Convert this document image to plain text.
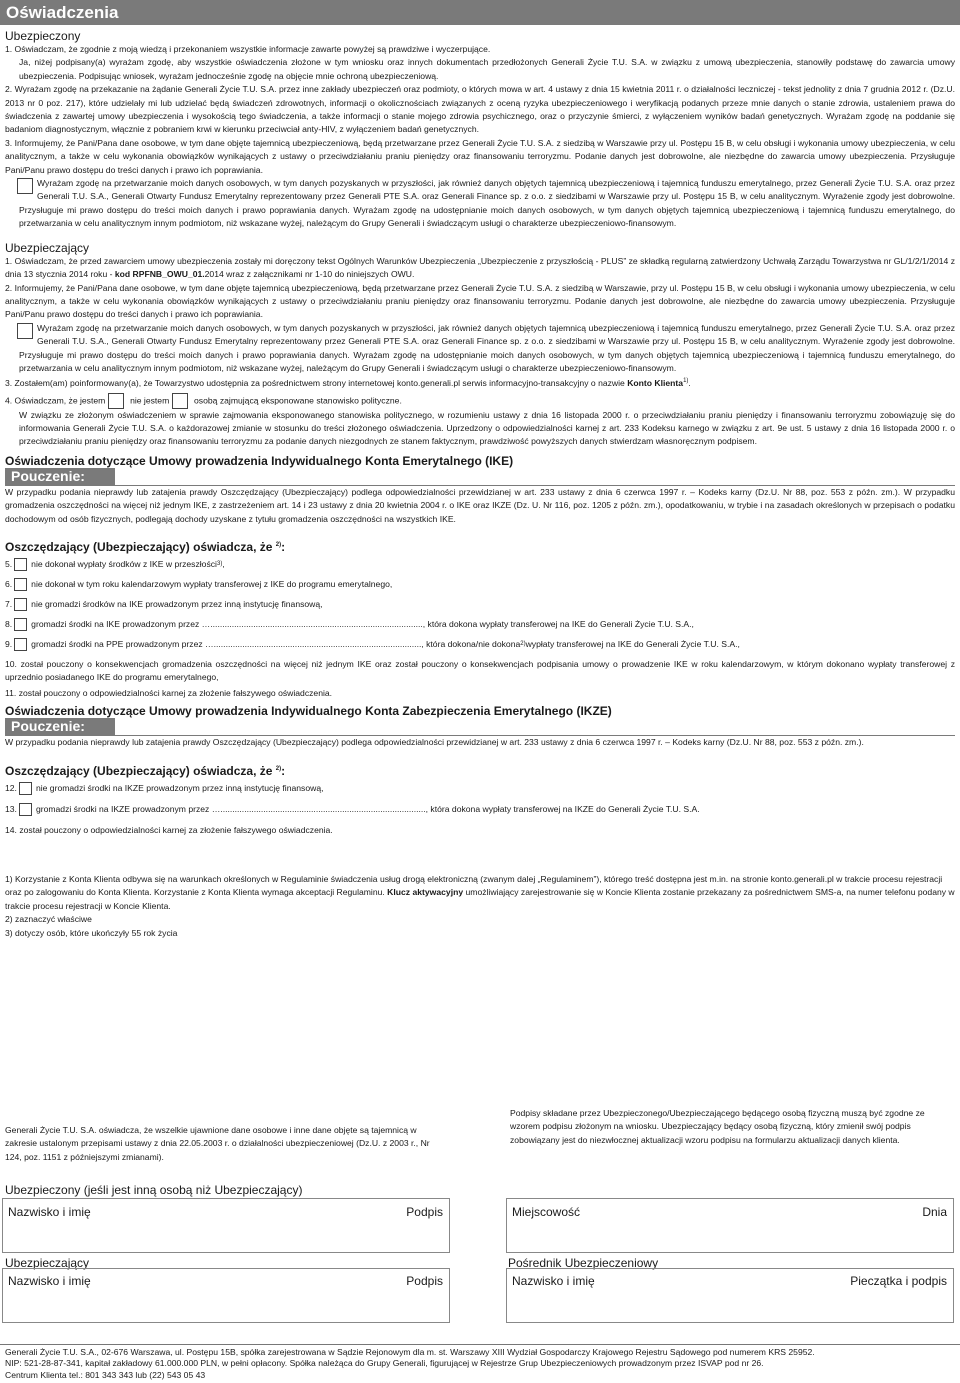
Oświadczenia
Ubezpieczony
1. Oświadczam, że zgodnie z moją wiedzą i przekonaniem wszystkie informacje zawarte powyżej są prawdziwe i wyczerpujące.
Ja, niżej podpisany(a) wyrażam zgodę, aby wszystkie oświadczenia złożone w tym wniosku oraz innych dokumentach przedłożonych Generali Życie T.U. S.A. w związku z umową ubezpieczenia, stanowiły podstawę do zawarcia umowy ubezpieczenia. Podpisując wniosek, wyrażam jednocześnie zgodę na objęcie mnie ochroną ubezpieczeniową.
2. Wyrażam zgodę na przekazanie na żądanie Generali Życie T.U. S.A. przez inne zakłady ubezpieczeń oraz podmioty, o których mowa w art. 4 ustawy z dnia 15 kwietnia 2011 r. o działalności leczniczej - tekst jednolity z dnia 7 grudnia 2012 r. (Dz.U. 2013 nr 0 poz. 217), które udzielały mi lub udzielać będą świadczeń zdrowotnych, informacji o okolicznościach związanych z oceną ryzyka ubezpieczeniowego i weryfikacją podanych przeze mnie danych o stanie zdrowia, ustaleniem prawa do świadczenia z zawartej umowy ubezpieczenia i wysokością tego świadczenia, a także informacji o stanie mojego zdrowia psychicznego, oraz o przyczynie śmierci, z wyłączeniem wyników badań genetycznych. Wyrażam zgodę na poddanie się badaniom diagnostycznym, włącznie z pobraniem krwi w kierunku przeciwciał anty-HIV, z wyłączeniem badań genetycznych.
3. Informujemy, że Pani/Pana dane osobowe, w tym dane objęte tajemnicą ubezpieczeniową, będą przetwarzane przez Generali Życie T.U. S.A. z siedzibą w Warszawie przy ul. Postępu 15 B, w celu obsługi i wykonania umowy ubezpieczenia, w celu analitycznym, a także w celu wykonania obowiązków wynikających z ustawy o przeciwdziałaniu praniu pieniędzy oraz finansowaniu terroryzmu. Podanie danych jest dobrowolne, ale niezbędne do zawarcia umowy ubezpieczenia. Przysługuje Pani/Panu prawo dostępu do treści danych i prawo ich poprawiania.
Wyrażam zgodę na przetwarzanie moich danych osobowych, w tym danych pozyskanych w przyszłości, jak również danych objętych tajemnicą ubezpieczeniową i tajemnicą funduszu emerytalnego, przez Generali Życie T.U. S.A. oraz przez Generali T.U. S.A., Generali Otwarty Fundusz Emerytalny reprezentowany przez Generali PTE S.A. oraz Generali Finance sp. z o.o. z siedzibami w Warszawie przy ul. Postępu 15 B, w celu analitycznym. Wyrażenie zgody jest dobrowolne. Przysługuje mi prawo dostępu do treści moich danych i prawo poprawiania danych. Wyrażam zgodę na udostępnianie moich danych osobowych, w tym danych objętych tajemnicą ubezpieczeniową i tajemnicą funduszu emerytalnego, do przetwarzania w celu analitycznym innym podmiotom, niż wskazane wyżej, należącym do Grupy Generali i świadczącym usługi o charakterze ubezpieczeniowo-finansowym.
Ubezpieczający
1. Oświadczam, że przed zawarciem umowy ubezpieczenia zostały mi doręczony tekst Ogólnych Warunków Ubezpieczenia „Ubezpieczenie z przyszłością - PLUS” ze składką regularną zatwierdzony Uchwałą Zarządu Towarzystwa nr GL/1/2/1/2014 z dnia 13 stycznia 2014 roku - kod RPFNB_OWU_01.2014 wraz z załącznikami nr 1-10 do niniejszych OWU.
2. Informujemy, że Pani/Pana dane osobowe, w tym dane objęte tajemnicą ubezpieczeniową, będą przetwarzane przez Generali Życie T.U. S.A. z siedzibą w Warszawie, przy ul. Postępu 15 B, w celu obsługi i wykonania umowy ubezpieczenia, w celu analitycznym, a także w celu wykonania obowiązków wynikających z ustawy o przeciwdziałaniu praniu pieniędzy oraz finansowaniu terroryzmu. Podanie danych jest dobrowolne, ale niezbędne do zawarcia umowy ubezpieczenia. Przysługuje Pani/Panu prawo dostępu do treści danych i prawo ich poprawiania.
Wyrażam zgodę na przetwarzanie moich danych osobowych, w tym danych pozyskanych w przyszłości, jak również danych objętych tajemnicą ubezpieczeniową i tajemnicą funduszu emerytalnego, przez Generali Życie T.U. S.A. oraz przez Generali T.U. S.A., Generali Otwarty Fundusz Emerytalny reprezentowany przez Generali PTE S.A. oraz Generali Finance sp. z o.o. z siedzibami w Warszawie przy ul. Postępu 15 B, w celu analitycznym. Wyrażenie zgody jest dobrowolne. Przysługuje mi prawo dostępu do treści moich danych i prawo poprawiania danych. Wyrażam zgodę na udostępnianie moich danych osobowych, w tym danych objętych tajemnicą ubezpieczeniową i tajemnicą funduszu emerytalnego, do przetwarzania w celu analitycznym innym podmiotom, niż wskazane wyżej, należącym do Grupy Generali i świadczącym usługi o charakterze ubezpieczeniowo-finansowym.
3. Zostałem(am) poinformowany(a), że Towarzystwo udostępnia za pośrednictwem strony internetowej konto.generali.pl serwis informacyjno-transakcyjny o nazwie Konto Klienta$^{1)}$.
4. Oświadczam, że jestem	nie jestem	osobą zajmującą eksponowane stanowisko polityczne.
W związku ze złożonym oświadczeniem w sprawie zajmowania eksponowanego stanowiska politycznego, w rozumieniu ustawy z dnia 16 listopada 2000 r. o przeciwdziałaniu praniu pieniędzy i finansowaniu terroryzmu zobowiązuję się do informowania Generali Życie T.U. S.A. o każdorazowej zmianie w stosunku do treści złożonego oświadczenia. Uprzedzony o odpowiedzialności karnej z art. 233 Kodeksu karnego w związku z art. 9e ust. 5 ustawy z dnia 16 listopada 2000 r. o przeciwdziałaniu praniu pieniędzy oraz finansowaniu terroryzmu za podanie danych niezgodnych ze stanem faktycznym, prawdziwość powyższych danych stwierdzam własnoręcznym podpisem.
Oświadczenia dotyczące Umowy prowadzenia Indywidualnego Konta Emerytalnego (IKE)
Pouczenie:
W przypadku podania nieprawdy lub zatajenia prawdy Oszczędzający (Ubezpieczający) podlega odpowiedzialności przewidzianej w art. 233 ustawy z dnia 6 czerwca 1997 r. – Kodeks karny (Dz.U. Nr 88, poz. 553 z późn. zm.). W przypadku gromadzenia oszczędności na więcej niż jednym IKE, z zastrzeżeniem art. 14 i 23 ustawy z dnia 20 kwietnia 2004 r. o IKE oraz IKZE (Dz. U. Nr 116, poz. 1205 z późn. zm.), opodatkowaniu, w trybie i na zasadach określonych w przepisach o podatku dochodowym od osób fizycznych, podlegają dochody uzyskane z tytułu gromadzenia oszczędności na wszystkich IKE.
Oszczędzający (Ubezpieczający) oświadcza, że $^{2)}$:
5. nie dokonał wypłaty środków z IKE w przeszłości 3) ,
6. nie dokonał w tym roku kalendarzowym wypłaty transferowej z IKE do programu emerytalnego,
7. nie gromadzi środków na IKE prowadzonym przez inną instytucję finansową,
8. gromadzi środki na IKE prowadzonym przez …........................................................................................., która dokona wypłaty transferowej na IKE do Generali Życie T.U. S.A.,
9. gromadzi środki na PPE prowadzonym przez …......................................................................................., która dokona/nie dokona 2) wypłaty transferowej na IKE do Generali Życie T.U. S.A.,
10. został pouczony o konsekwencjach gromadzenia oszczędności na więcej niż jednym IKE oraz został pouczony o konsekwencjach podpisania umowy o prowadzenie IKE w roku kalendarzowym, w którym dokonano wypłaty transferowej z uprzednio posiadanego IKE do programu emerytalnego,
11. został pouczony o odpowiedzialności karnej za złożenie fałszywego oświadczenia.
Oświadczenia dotyczące Umowy prowadzenia Indywidualnego Konta Zabezpieczenia Emerytalnego (IKZE)
Pouczenie:
W przypadku podania nieprawdy lub zatajenia prawdy Oszczędzający (Ubezpieczający) podlega odpowiedzialności przewidzianej w art. 233 ustawy z dnia 6 czerwca 1997 r. – Kodeks karny (Dz.U. Nr 88, poz. 553 z późn. zm.).
Oszczędzający (Ubezpieczający) oświadcza, że $^{2)}$:
12. nie gromadzi środki na IKZE prowadzonym przez inną instytucję finansową,
13. gromadzi środki na IKZE prowadzonym przez …......................................................................................, która dokona wypłaty transferowej na IKZE do Generali Życie T.U. S.A.
14. został pouczony o odpowiedzialności karnej za złożenie fałszywego oświadczenia.
1) Korzystanie z Konta Klienta odbywa się na warunkach określonych w Regulaminie świadczenia usług drogą elektroniczną (zwanym dalej „Regulaminem”), którego treść dostępna jest m.in. na stronie konto.generali.pl w trakcie procesu rejestracji oraz po zalogowaniu do Konta Klienta. Korzystanie z Konta Klienta wymaga akceptacji Regulaminu. Klucz aktywacyjny umożliwiający zarejestrowanie się w Koncie Klienta zostanie przekazany za pośrednictwem SMS-a, na numer telefonu podany w trakcie procesu rejestracji w Koncie Klienta.
2) zaznaczyć właściwe
3) dotyczy osób, które ukończyły 55 rok życia
Generali Życie T.U. S.A. oświadcza, że wszelkie ujawnione dane osobowe i inne dane objęte są tajemnicą w zakresie ustalonym przepisami ustawy z dnia 22.05.2003 r. o działalności ubezpieczeniowej (Dz.U. z 2003 r., Nr 124, poz. 1151 z późniejszymi zmianami).
Podpisy składane przez Ubezpieczonego/Ubezpieczającego będącego osobą fizyczną muszą być zgodne ze wzorem podpisu złożonym na wniosku. Ubezpieczający będący osobą fizyczną, który zmienił swój podpis zobowiązany jest do niezwłocznej aktualizacji wzoru podpisu na formularzu aktualizacji danych klienta.
Ubezpieczony (jeśli jest inną osobą niż Ubezpieczający)
Nazwisko i imię	Podpis	Miejscowość	Dnia
Ubezpieczający
Nazwisko i imię	Podpis
Pośrednik Ubezpieczeniowy
Nazwisko i imię	Pieczątka i podpis
Generali Życie T.U. S.A., 02-676 Warszawa, ul. Postępu 15B, spółka zarejestrowana w Sądzie Rejonowym dla m. st. Warszawy XIII Wydział Gospodarczy Krajowego Rejestru Sądowego pod numerem KRS 25952.
NIP: 521-28-87-341, kapitał zakładowy 61.000.000 PLN, w pełni opłacony. Spółka należąca do Grupy Generali, figurującej w Rejestrze Grup Ubezpieczeniowych prowadzonym przez ISVAP pod nr 26.
Centrum Klienta tel.: 801 343 343 lub (22) 543 05 43
